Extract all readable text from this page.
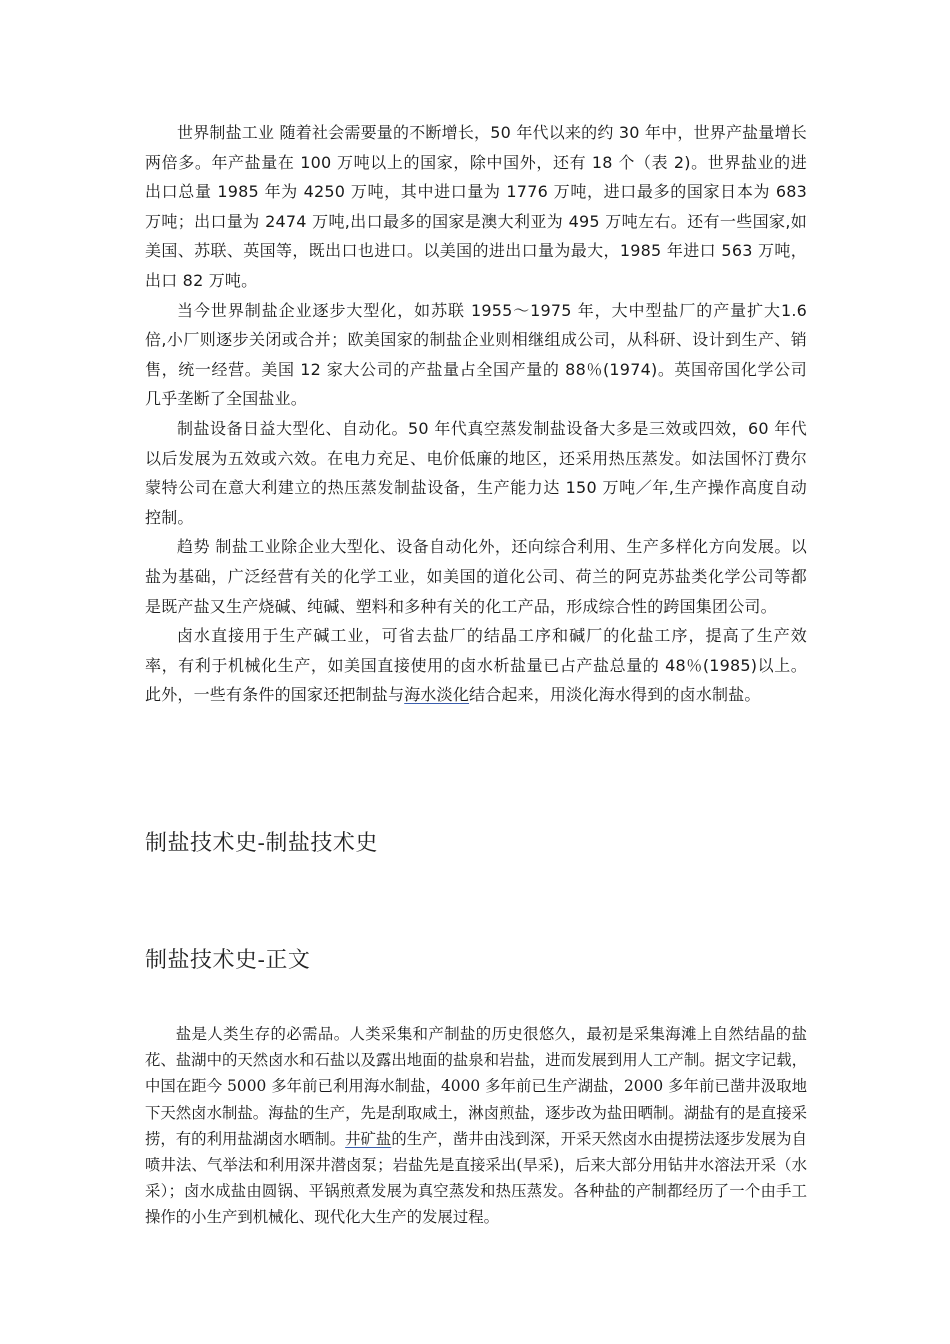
世界制盐工业 随着社会需要量的不断增长，50 年代以来的约 30 年中，世界产盐量增长两倍多。年产盐量在 100 万吨以上的国家，除中国外，还有 18 个（表 2)。世界盐业的进出口总量 1985 年为 4250 万吨，其中进口量为 1776 万吨，进口最多的国家日本为 683 万吨；出口量为 2474 万吨,出口最多的国家是澳大利亚为 495 万吨左右。还有一些国家,如美国、苏联、英国等，既出口也进口。以美国的进出口量为最大，1985 年进口 563 万吨，出口 82 万吨。

当今世界制盐企业逐步大型化，如苏联 1955～1975 年，大中型盐厂的产量扩大1.6 倍,小厂则逐步关闭或合并；欧美国家的制盐企业则相继组成公司，从科研、设计到生产、销售，统一经营。美国 12 家大公司的产盐量占全国产量的 88％(1974)。英国帝国化学公司几乎垄断了全国盐业。

制盐设备日益大型化、自动化。50 年代真空蒸发制盐设备大多是三效或四效，60 年代以后发展为五效或六效。在电力充足、电价低廉的地区，还采用热压蒸发。如法国怀汀费尔蒙特公司在意大利建立的热压蒸发制盐设备，生产能力达 150 万吨／年,生产操作高度自动控制。

趋势 制盐工业除企业大型化、设备自动化外，还向综合利用、生产多样化方向发展。以盐为基础，广泛经营有关的化学工业，如美国的道化公司、荷兰的阿克苏盐类化学公司等都是既产盐又生产烧碱、纯碱、塑料和多种有关的化工产品，形成综合性的跨国集团公司。

卤水直接用于生产碱工业，可省去盐厂的结晶工序和碱厂的化盐工序，提高了生产效率，有利于机械化生产，如美国直接使用的卤水析盐量已占产盐总量的 48％(1985)以上。此外，一些有条件的国家还把制盐与海水淡化结合起来，用淡化海水得到的卤水制盐。

制盐技术史-制盐技术史
制盐技术史-正文

盐是人类生存的必需品。人类采集和产制盐的历史很悠久，最初是采集海滩上自然结晶的盐花、盐湖中的天然卤水和石盐以及露出地面的盐泉和岩盐，进而发展到用人工产制。据文字记载，中国在距今 5000 多年前已利用海水制盐，4000 多年前已生产湖盐，2000 多年前已凿井汲取地下天然卤水制盐。海盐的生产，先是刮取咸土，淋卤煎盐，逐步改为盐田晒制。湖盐有的是直接采捞，有的利用盐湖卤水晒制。井矿盐的生产，凿井由浅到深，开采天然卤水由提捞法逐步发展为自喷井法、气举法和利用深井潜卤泵；岩盐先是直接采出(旱采)，后来大部分用钻井水溶法开采（水采）；卤水成盐由圆锅、平锅煎煮发展为真空蒸发和热压蒸发。各种盐的产制都经历了一个由手工操作的小生产到机械化、现代化大生产的发展过程。
